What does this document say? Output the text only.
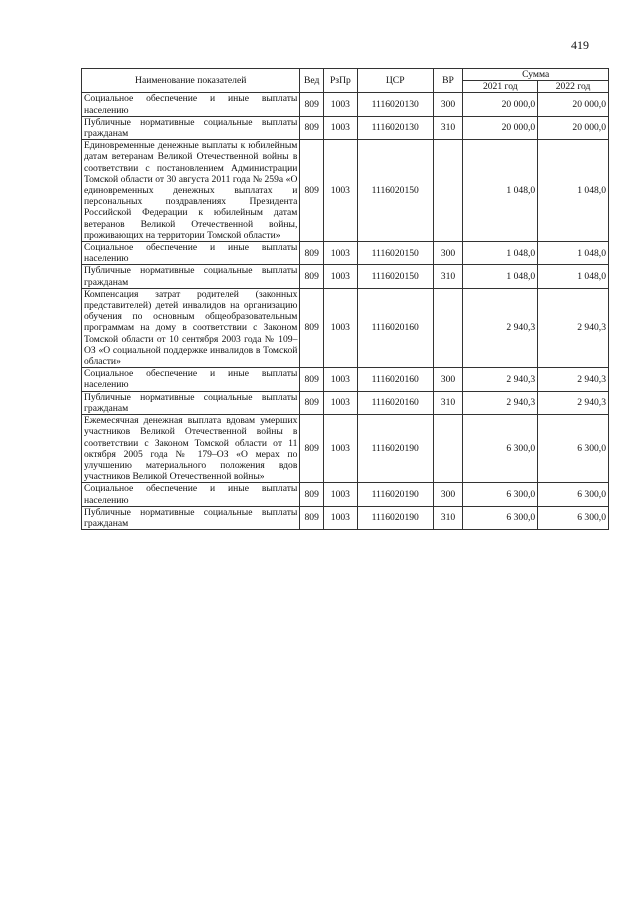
419
Наименование показателей	Вед	РзПр	ЦСР	ВР	Сумма	
					2021 год	2022 год
Социальное обеспечение и иные выплаты населению	809	1003	1116020130	300	20 000,0	20 000,0
Публичные нормативные социальные выплаты гражданам	809	1003	1116020130	310	20 000,0	20 000,0
Единовременные денежные выплаты к юбилейным датам ветеранам Великой Отечественной войны в соответствии с постановлением Администрации Томской области от 30 августа 2011 года № 259а «О единовременных денежных выплатах и персональных поздравлениях Президента Российской Федерации к юбилейным датам ветеранов Великой Отечественной войны, проживающих на территории Томской области»	809	1003	1116020150		1 048,0	1 048,0
Социальное обеспечение и иные выплаты населению	809	1003	1116020150	300	1 048,0	1 048,0
Публичные нормативные социальные выплаты гражданам	809	1003	1116020150	310	1 048,0	1 048,0
Компенсация затрат родителей (законных представителей) детей инвалидов на организацию обучения по основным общеобразовательным программам на дому в соответствии с Законом Томской области от 10 сентября 2003 года № 109–ОЗ «О социальной поддержке инвалидов в Томской области»	809	1003	1116020160		2 940,3	2 940,3
Социальное обеспечение и иные выплаты населению	809	1003	1116020160	300	2 940,3	2 940,3
Публичные нормативные социальные выплаты гражданам	809	1003	1116020160	310	2 940,3	2 940,3
Ежемесячная денежная выплата вдовам умерших участников Великой Отечественной войны в соответствии с Законом Томской области от 11 октября 2005 года № 179–ОЗ «О мерах по улучшению материального положения вдов участников Великой Отечественной войны»	809	1003	1116020190		6 300,0	6 300,0
Социальное обеспечение и иные выплаты населению	809	1003	1116020190	300	6 300,0	6 300,0
Публичные нормативные социальные выплаты гражданам	809	1003	1116020190	310	6 300,0	6 300,0
